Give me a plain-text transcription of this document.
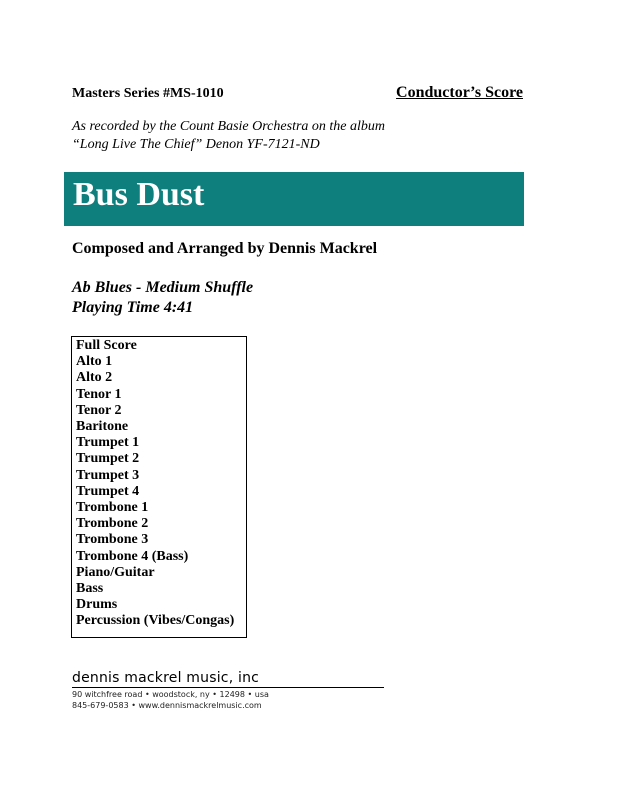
Masters Series #MS-1010	Conductor’s Score
As recorded by the Count Basie Orchestra on the album
“Long Live The Chief” Denon YF-7121-ND
Bus Dust
Composed and Arranged by Dennis Mackrel
Ab Blues - Medium Shuffle
Playing Time 4:41
Full Score
Alto 1
Alto 2
Tenor 1
Tenor 2
Baritone
Trumpet 1
Trumpet 2
Trumpet 3
Trumpet 4
Trombone 1
Trombone 2
Trombone 3
Trombone 4 (Bass)
Piano/Guitar
Bass
Drums
Percussion (Vibes/Congas)
dennis mackrel music, inc
90 witchfree road • woodstock, ny • 12498 • usa
845-679-0583 • www.dennismackrelmusic.com
